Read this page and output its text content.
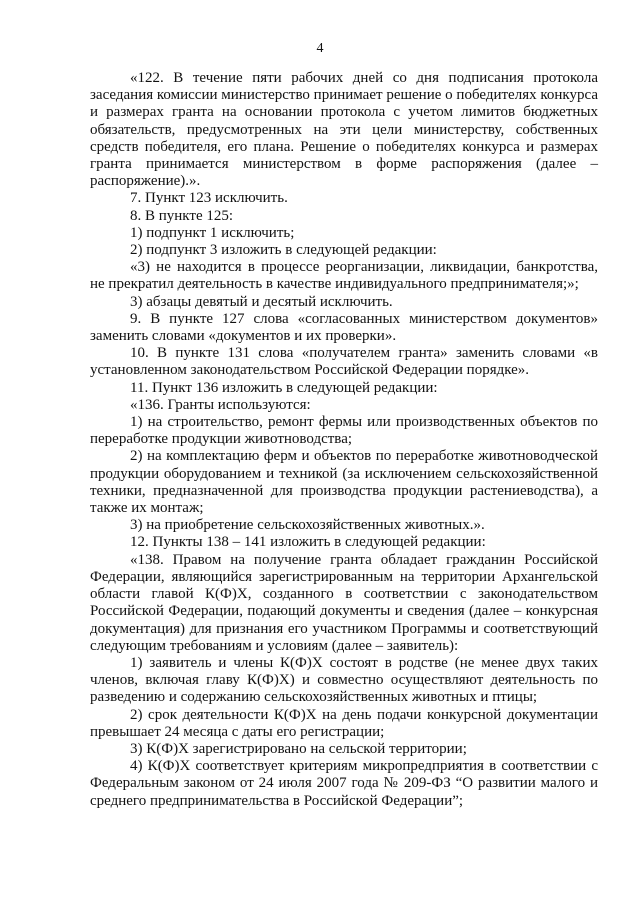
4

«122. В течение пяти рабочих дней со дня подписания протокола заседания комиссии министерство принимает решение о победителях конкурса и размерах гранта на основании протокола с учетом лимитов бюджетных обязательств, предусмотренных на эти цели министерству, собственных средств победителя, его плана. Решение о победителях конкурса и размерах гранта принимается министерством в форме распоряжения (далее – распоряжение).».

7. Пункт 123 исключить.

8. В пункте 125:

1) подпункт 1 исключить;

2) подпункт 3 изложить в следующей редакции:

«3) не находится в процессе реорганизации, ликвидации, банкротства, не прекратил деятельность в качестве индивидуального предпринимателя;»;

3) абзацы девятый и десятый исключить.

9. В пункте 127 слова «согласованных министерством документов» заменить словами «документов и их проверки».

10. В пункте 131 слова «получателем гранта» заменить словами «в установленном законодательством Российской Федерации порядке».

11. Пункт 136 изложить в следующей редакции:

«136. Гранты используются:

1) на строительство, ремонт фермы или производственных объектов по переработке продукции животноводства;

2) на комплектацию ферм и объектов по переработке животноводческой продукции оборудованием и техникой (за исключением сельскохозяйственной техники, предназначенной для производства продукции растениеводства), а также их монтаж;

3) на приобретение сельскохозяйственных животных.».

12. Пункты 138 – 141 изложить в следующей редакции:

«138. Правом на получение гранта обладает гражданин Российской Федерации, являющийся зарегистрированным на территории Архангельской области главой К(Ф)Х, созданного в соответствии с законодательством Российской Федерации, подающий документы и сведения (далее – конкурсная документация) для признания его участником Программы и соответствующий следующим требованиям и условиям (далее – заявитель):

1) заявитель и члены К(Ф)Х состоят в родстве (не менее двух таких членов, включая главу К(Ф)Х) и совместно осуществляют деятельность по разведению и содержанию сельскохозяйственных животных и птицы;

2) срок деятельности К(Ф)Х на день подачи конкурсной документации превышает 24 месяца с даты его регистрации;

3) К(Ф)Х зарегистрировано на сельской территории;

4) К(Ф)Х соответствует критериям микропредприятия в соответствии с Федеральным законом от 24 июля 2007 года № 209-ФЗ “О развитии малого и среднего предпринимательства в Российской Федерации”;
